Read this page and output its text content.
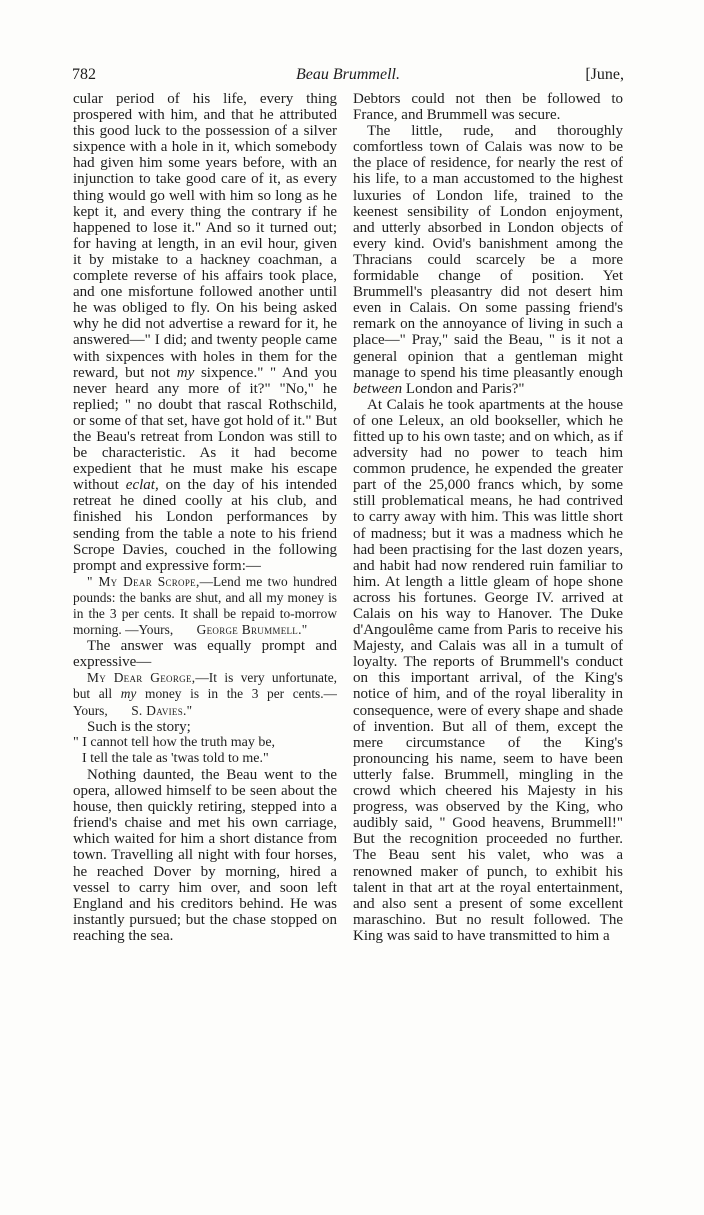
782	Beau Brummell.	[June,

cular period of his life, every thing prospered with him, and that he attributed this good luck to the possession of a silver sixpence with a hole in it, which somebody had given him some years before, with an injunction to take good care of it, as every thing would go well with him so long as he kept it, and every thing the contrary if he happened to lose it." And so it turned out; for having at length, in an evil hour, given it by mistake to a hackney coachman, a complete reverse of his affairs took place, and one misfortune followed another until he was obliged to fly. On his being asked why he did not advertise a reward for it, he answered—" I did; and twenty people came with sixpences with holes in them for the reward, but not my sixpence." " And you never heard any more of it?" "No," he replied; " no doubt that rascal Rothschild, or some of that set, have got hold of it." But the Beau's retreat from London was still to be characteristic. As it had become expedient that he must make his escape without eclat, on the day of his intended retreat he dined coolly at his club, and finished his London performances by sending from the table a note to his friend Scrope Davies, couched in the following prompt and expressive form:—

" My Dear Scrope,—Lend me two hundred pounds: the banks are shut, and all my money is in the 3 per cents. It shall be repaid to-morrow morning. —Yours, George Brummell."

The answer was equally prompt and expressive—

My Dear George,—It is very unfortunate, but all my money is in the 3 per cents.—Yours, S. Davies."

Such is the story;

" I cannot tell how the truth may be,
I tell the tale as 'twas told to me."

Nothing daunted, the Beau went to the opera, allowed himself to be seen about the house, then quickly retiring, stepped into a friend's chaise and met his own carriage, which waited for him a short distance from town. Travelling all night with four horses, he reached Dover by morning, hired a vessel to carry him over, and soon left England and his creditors behind. He was instantly pursued; but the chase stopped on reaching the sea.

Debtors could not then be followed to France, and Brummell was secure.

The little, rude, and thoroughly comfortless town of Calais was now to be the place of residence, for nearly the rest of his life, to a man accustomed to the highest luxuries of London life, trained to the keenest sensibility of London enjoyment, and utterly absorbed in London objects of every kind. Ovid's banishment among the Thracians could scarcely be a more formidable change of position. Yet Brummell's pleasantry did not desert him even in Calais. On some passing friend's remark on the annoyance of living in such a place—" Pray," said the Beau, " is it not a general opinion that a gentleman might manage to spend his time pleasantly enough between London and Paris?"

At Calais he took apartments at the house of one Leleux, an old bookseller, which he fitted up to his own taste; and on which, as if adversity had no power to teach him common prudence, he expended the greater part of the 25,000 francs which, by some still problematical means, he had contrived to carry away with him. This was little short of madness; but it was a madness which he had been practising for the last dozen years, and habit had now rendered ruin familiar to him. At length a little gleam of hope shone across his fortunes. George IV. arrived at Calais on his way to Hanover. The Duke d'Angoulême came from Paris to receive his Majesty, and Calais was all in a tumult of loyalty. The reports of Brummell's conduct on this important arrival, of the King's notice of him, and of the royal liberality in consequence, were of every shape and shade of invention. But all of them, except the mere circumstance of the King's pronouncing his name, seem to have been utterly false. Brummell, mingling in the crowd which cheered his Majesty in his progress, was observed by the King, who audibly said, " Good heavens, Brummell!" But the recognition proceeded no further. The Beau sent his valet, who was a renowned maker of punch, to exhibit his talent in that art at the royal entertainment, and also sent a present of some excellent maraschino. But no result followed. The King was said to have transmitted to him a
